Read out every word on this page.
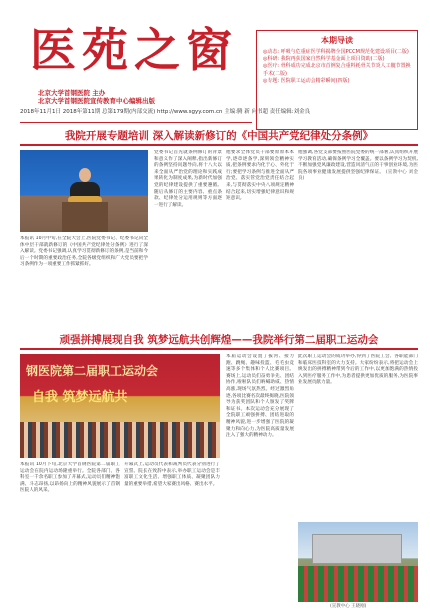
医苑之窗
北京大学首钢医院 主办
北京大学首钢医院宣传教育中心编辑出版
2018年11月1日 2018年第11期 总第179期(内部交流) http://www.sgyy.com.cn 主编:腾 新 向书超 责任编辑:刘金良
本期导读
◎动态: 呼吸与危重症医学科揭牌全国PCCM规范化建设项目(二版)
◎科研: 我院再获国家自然科学基金面上项目资助(二版)
◎医疗: 骨科成功完成北京市首例复合重料耗骨关节炎人工髋节置换手术(二版)
◎专题: 医院职工运动会精彩瞬间(四版)
我院开展专题培训 深入解读新修订的《中国共产党纪律处分条例》
本报讯 10月中旬,在全院大会上,医院党委书记、纪委书记向全体中层干部就新修订的《中国共产党纪律处分条例》进行了深入解读。党委书记强调,认真学习贯彻新修订的条例,是当前和今后一个时期的重要政治任务,全院各级党组织和广大党员要把学习条例作为一项重要工作抓紧抓好。
党委书记首先就条例修订的背景和意义作了深入阐释,指出新修订的条例坚持问题导向,将十八大以来全面从严治党的理论和实践成果转化为制度成果,为新时代加强党的纪律建设提供了重要遵循。随后从修订的主要内容、重点条款、纪律处分运用规则等方面逐一进行了解读。
他要求全体党员干部要原原本本学,逐章逐条学,深刻领会精神实质,把条例要求内化于心、外化于行;要把学习条例与推进全面从严治党、落实管党治党责任结合起来,与贯彻落实中央八项规定精神结合起来,切实增强纪律意识和规矩意识。
他强调,各党支部要按照医院党委的统一部署,认真组织开展学习教育活动,确保条例学习全覆盖。要以条例学习为契机,不断加强党风廉政建设,营造风清气正的干事创业环境,为医院各项事业健康发展提供坚强纪律保证。 (宣教中心 刘金良)
顽强拼搏展现自我 筑梦远航共创辉煌——我院举行第二届职工运动会
钢医院第二届职工运动会
自我 筑梦远航共
本报讯 10月下旬,北京大学首钢医院第二届职工运动会在院内运动场隆重举行。全院各部门、各科室一千余名职工参加了开幕式,运动员们精神饱满、斗志昂扬,以昂扬向上的精神风貌展示了首钢医院人的风采。
开幕式上,运动员代表和裁判员代表分别进行了宣誓。院长在致辞中表示,举办职工运动会是丰富职工文化生活、增强职工体质、凝聚团队力量的重要举措,希望大家赛出风格、赛出水平。
本届运动会设置了拔河、接力跑、跳绳、趣味投篮、毛毛虫竞速等多个集体和个人比赛项目。赛场上,运动员们奋勇争先、团结协作,啦啦队员们呐喊助威、热情高涨,现场气氛热烈。经过激烈角逐,各项比赛名次最终揭晓,医院领导为获奖团队和个人颁发了奖牌和证书。本次运动会充分展现了全院职工顽强拼搏、团结进取的精神风貌,进一步增强了医院的凝聚力和向心力,为医院高质量发展注入了强大的精神动力。
此次职工运动会的成功举办,得到了医院工会、各职能部门和临床医技科室的大力支持。大家纷纷表示,将把运动会上焕发出的拼搏精神带到今后的工作中,以更加饱满的热情投入到医疗服务工作中,为患者提供更加优质的服务,为医院事业发展贡献力量。
(宣教中心 王晓刚)
